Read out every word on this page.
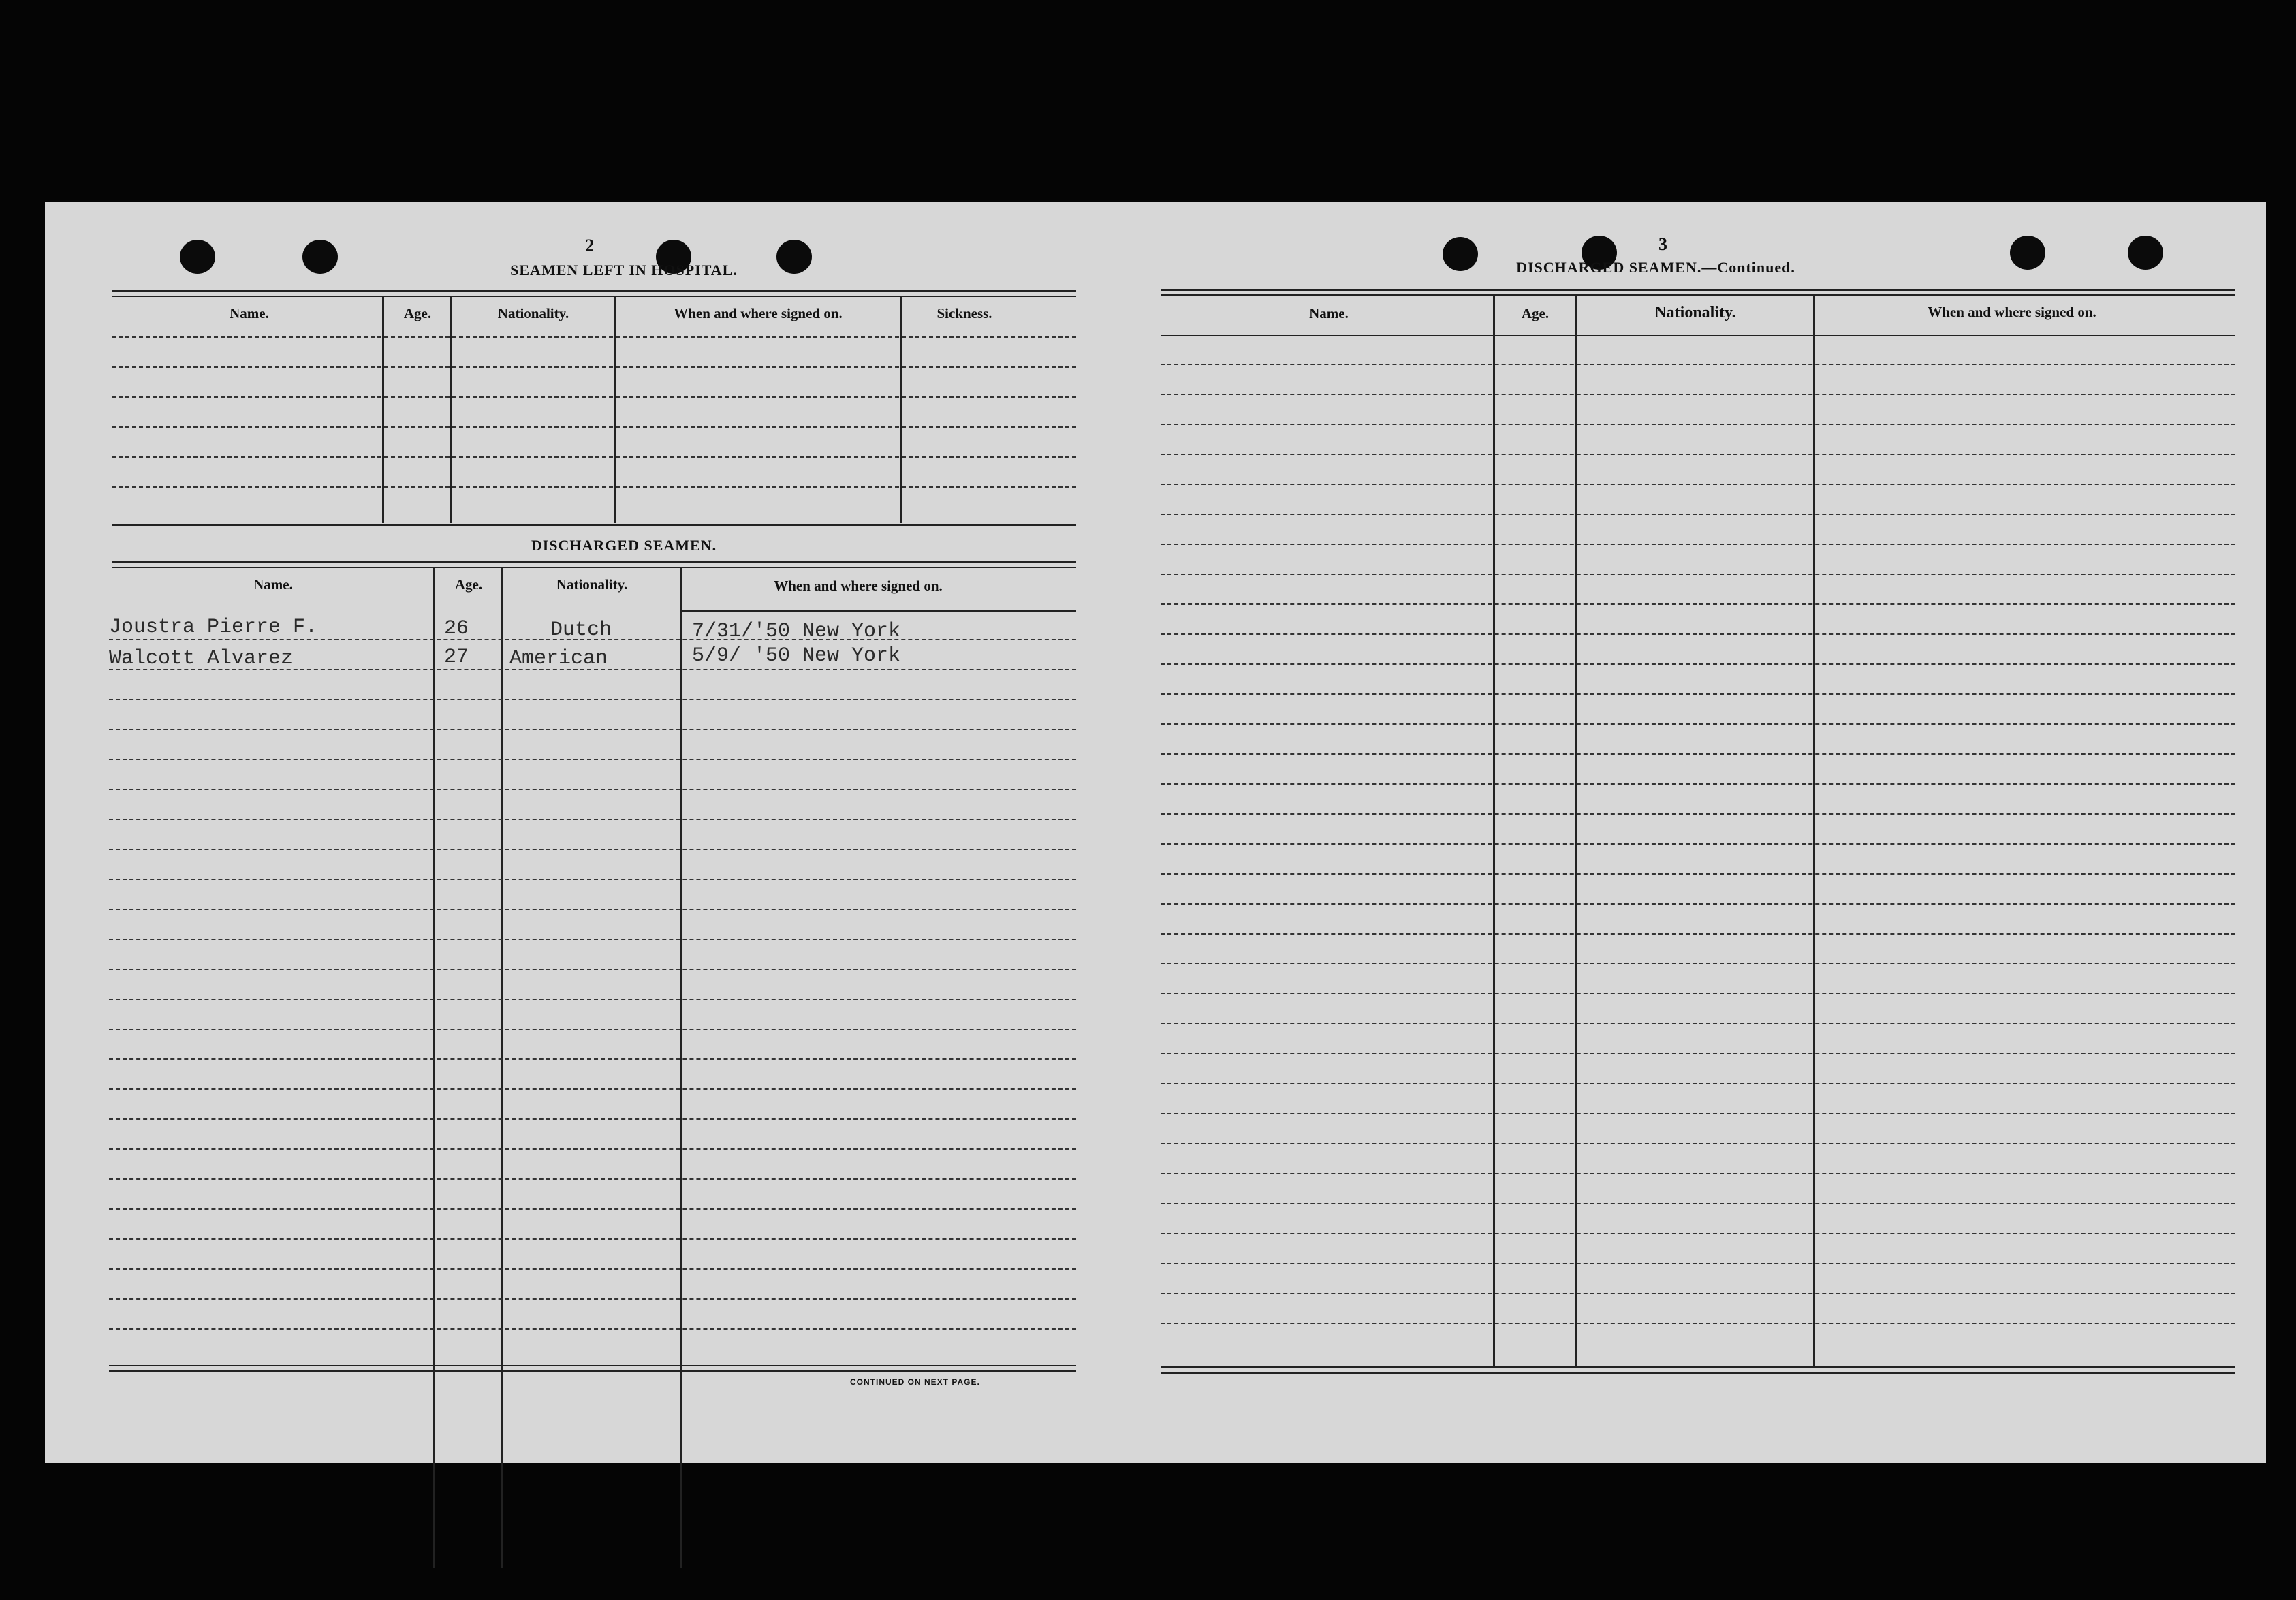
2
SEAMEN LEFT IN HOSPITAL.
Name.	Age.	Nationality.	When and where signed on.	Sickness.
DISCHARGED SEAMEN.
Name.	Age.	Nationality.	When and where signed on.
Joustra Pierre F.	26	Dutch	7/31/'50 New York
Walcott Alvarez	27 American	5/9/ '50 New York
CONTINUED ON NEXT PAGE.
3
DISCHARGED SEAMEN.—Continued.
Name.	Age.	Nationality.	When and where signed on.
